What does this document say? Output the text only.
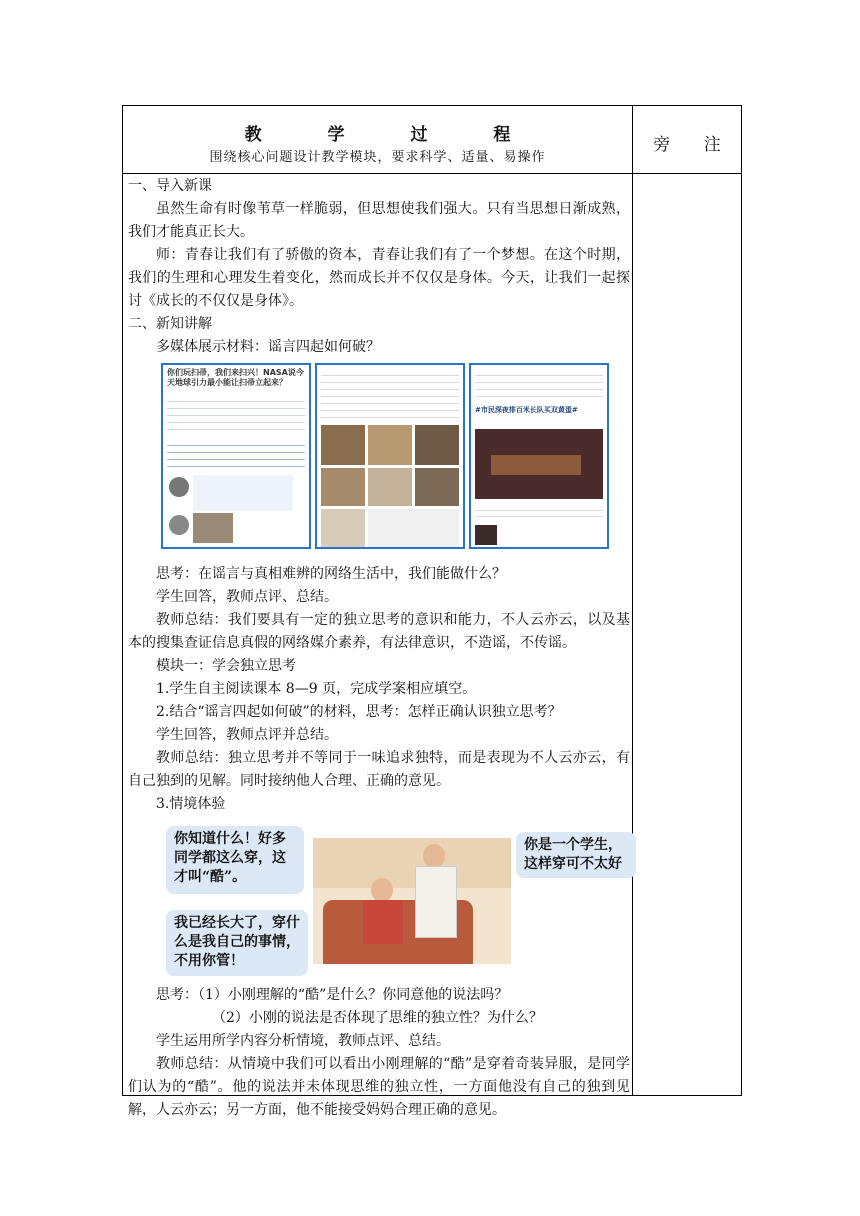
教 学 过 程
围绕核心问题设计教学模块，要求科学、适量、易操作
旁 注

一、导入新课

虽然生命有时像苇草一样脆弱，但思想使我们强大。只有当思想日渐成熟，我们才能真正长大。

师：青春让我们有了骄傲的资本，青春让我们有了一个梦想。在这个时期，我们的生理和心理发生着变化，然而成长并不仅仅是身体。今天，让我们一起探讨《成长的不仅仅是身体》。

二、新知讲解

多媒体展示材料：谣言四起如何破？

你们玩扫帚，我们来扫兴！NASA说今天地球引力最小能让扫帚立起来？
#市民深夜排百米长队买双黄蛋#

思考：在谣言与真相难辨的网络生活中，我们能做什么？

学生回答，教师点评、总结。

教师总结：我们要具有一定的独立思考的意识和能力，不人云亦云，以及基本的搜集查证信息真假的网络媒介素养，有法律意识，不造谣，不传谣。

模块一：学会独立思考

1.学生自主阅读课本 8—9 页，完成学案相应填空。

2.结合“谣言四起如何破”的材料，思考：怎样正确认识独立思考？

学生回答，教师点评并总结。

教师总结：独立思考并不等同于一味追求独特，而是表现为不人云亦云，有自己独到的见解。同时接纳他人合理、正确的意见。

3.情境体验

你知道什么！好多同学都这么穿，这才叫“酷”。
你是一个学生，这样穿可不太好
我已经长大了，穿什么是我自己的事情，不用你管！

思考：（1）小刚理解的“酷”是什么？你同意他的说法吗？

（2）小刚的说法是否体现了思维的独立性？为什么？

学生运用所学内容分析情境，教师点评、总结。

教师总结：从情境中我们可以看出小刚理解的“酷”是穿着奇装异服，是同学们认为的“酷”。他的说法并未体现思维的独立性，一方面他没有自己的独到见解，人云亦云；另一方面，他不能接受妈妈合理正确的意见。
